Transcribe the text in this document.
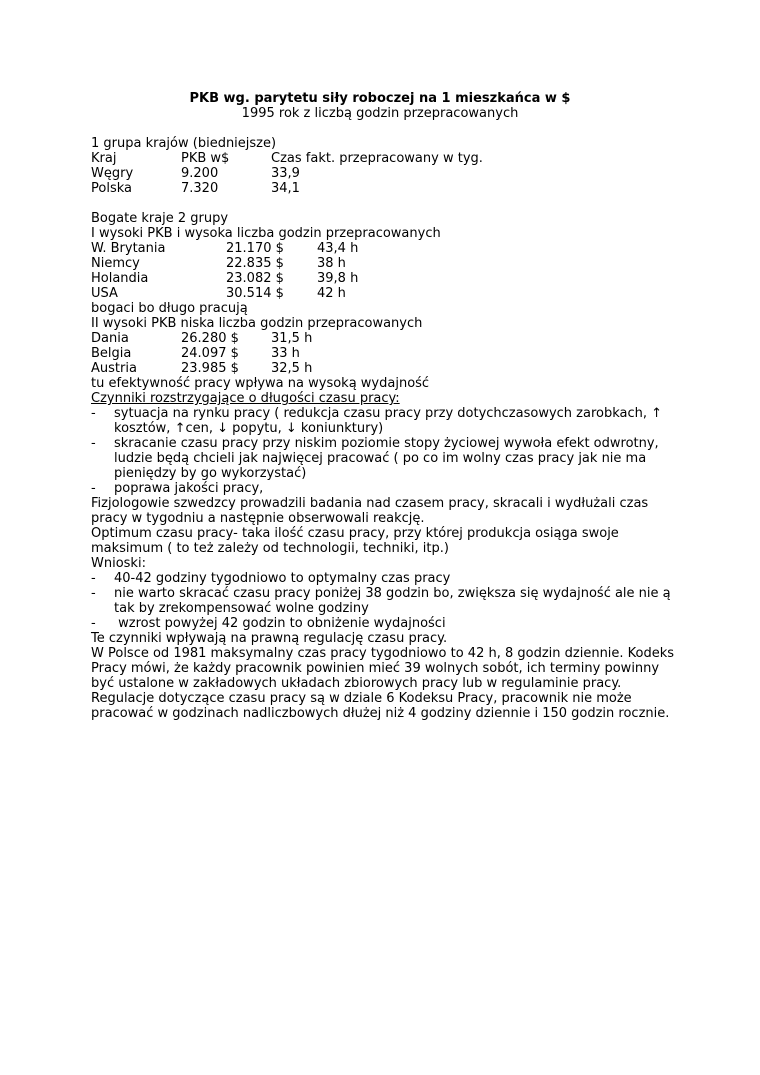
PKB wg. parytetu siły roboczej na 1 mieszkańca w $
1995 rok z liczbą godzin przepracowanych
1 grupa krajów (biedniejsze)
Kraj	PKB w$	Czas fakt. przepracowany w tyg.
Węgry	9.200	33,9
Polska	7.320	34,1
Bogate kraje 2 grupy
I wysoki PKB i wysoka liczba godzin przepracowanych
W. Brytania	21.170 $	43,4 h
Niemcy	22.835 $	38 h
Holandia	23.082 $	39,8 h
USA	30.514 $	42 h
bogaci bo długo pracują
II wysoki PKB niska liczba godzin przepracowanych
Dania	26.280 $ 31,5 h
Belgia	24.097 $ 33 h
Austria	23.985 $ 32,5 h
tu efektywność pracy wpływa na wysoką wydajność
Czynniki rozstrzygające o długości czasu pracy:
- sytuacja na rynku pracy ( redukcja czasu pracy przy dotychczasowych zarobkach, ↑
kosztów, ↑cen, ↓ popytu, ↓ koniunktury)
- skracanie czasu pracy przy niskim poziomie stopy życiowej wywoła efekt odwrotny,
ludzie będą chcieli jak najwięcej pracować ( po co im wolny czas pracy jak nie ma
pieniędzy by go wykorzystać)
- poprawa jakości pracy,
Fizjologowie szwedzcy prowadzili badania nad czasem pracy, skracali i wydłużali czas
pracy w tygodniu a następnie obserwowali reakcję.
Optimum czasu pracy- taka ilość czasu pracy, przy której produkcja osiąga swoje
maksimum ( to też zależy od technologii, techniki, itp.)
Wnioski:
- 40-42 godziny tygodniowo to optymalny czas pracy
- nie warto skracać czasu pracy poniżej 38 godzin bo, zwiększa się wydajność ale nie ą
tak by zrekompensować wolne godziny
- wzrost powyżej 42 godzin to obniżenie wydajności
Te czynniki wpływają na prawną regulację czasu pracy.
W Polsce od 1981 maksymalny czas pracy tygodniowo to 42 h, 8 godzin dziennie. Kodeks
Pracy mówi, że każdy pracownik powinien mieć 39 wolnych sobót, ich terminy powinny
być ustalone w zakładowych układach zbiorowych pracy lub w regulaminie pracy.
Regulacje dotyczące czasu pracy są w dziale 6 Kodeksu Pracy, pracownik nie może
pracować w godzinach nadliczbowych dłużej niż 4 godziny dziennie i 150 godzin rocznie.
